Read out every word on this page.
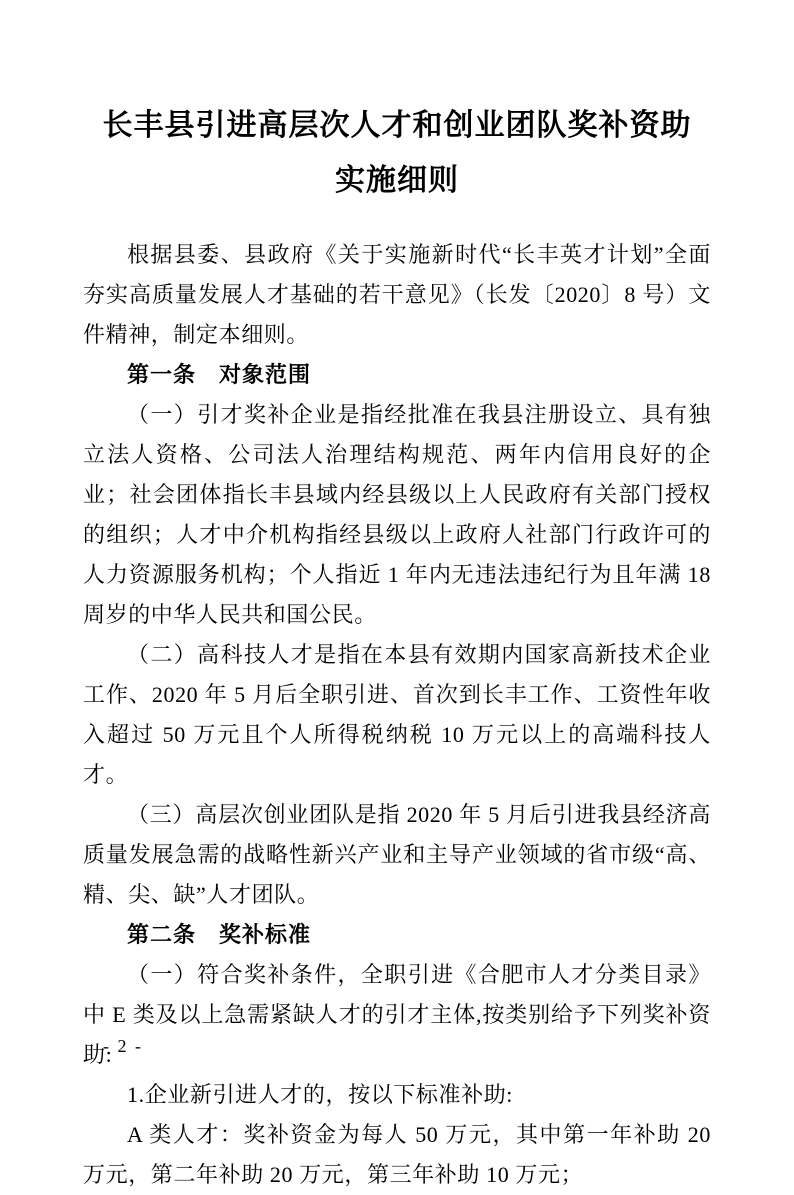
长丰县引进高层次人才和创业团队奖补资助
实施细则

根据县委、县政府《关于实施新时代“长丰英才计划”全面夯实高质量发展人才基础的若干意见》（长发〔2020〕8 号）文件精神，制定本细则。

第一条　对象范围

（一）引才奖补企业是指经批准在我县注册设立、具有独立法人资格、公司法人治理结构规范、两年内信用良好的企业；社会团体指长丰县域内经县级以上人民政府有关部门授权的组织；人才中介机构指经县级以上政府人社部门行政许可的人力资源服务机构；个人指近 1 年内无违法违纪行为且年满 18 周岁的中华人民共和国公民。

（二）高科技人才是指在本县有效期内国家高新技术企业工作、2020 年 5 月后全职引进、首次到长丰工作、工资性年收入超过 50 万元且个人所得税纳税 10 万元以上的高端科技人才。

（三）高层次创业团队是指 2020 年 5 月后引进我县经济高质量发展急需的战略性新兴产业和主导产业领域的省市级“高、精、尖、缺”人才团队。

第二条　奖补标准

（一）符合奖补条件，全职引进《合肥市人才分类目录》中 E 类及以上急需紧缺人才的引才主体,按类别给予下列奖补资助:

1.企业新引进人才的，按以下标准补助:

A 类人才：奖补资金为每人 50 万元，其中第一年补助 20 万元，第二年补助 20 万元，第三年补助 10 万元；

- 2 -
